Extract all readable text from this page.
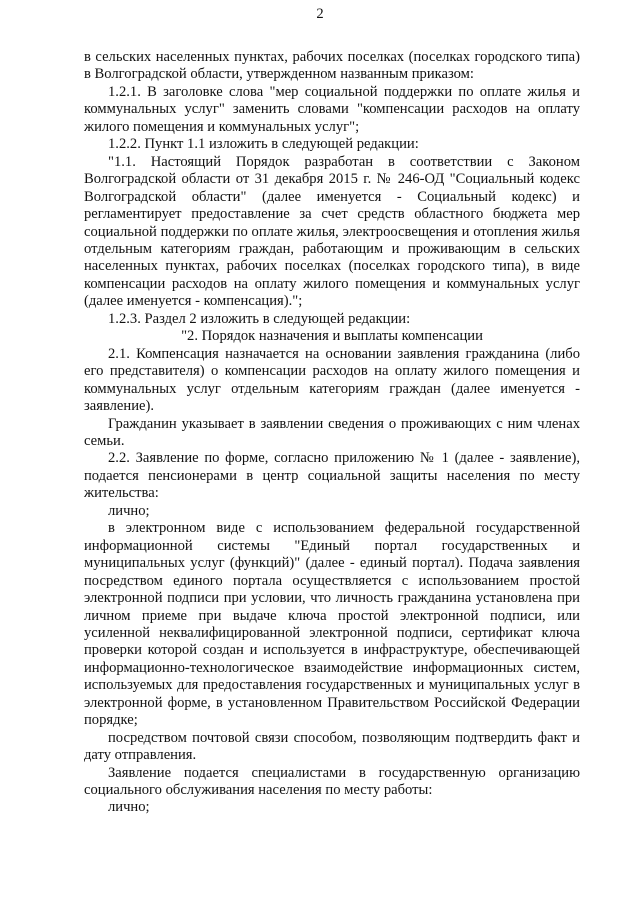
2

в сельских населенных пунктах, рабочих поселках (поселках городского типа) в Волгоградской области, утвержденном названным приказом:

1.2.1. В заголовке слова "мер социальной поддержки по оплате жилья и коммунальных услуг" заменить словами "компенсации расходов на оплату жилого помещения и коммунальных услуг";

1.2.2. Пункт 1.1 изложить в следующей редакции:

"1.1. Настоящий Порядок разработан в соответствии с Законом Волгоградской области от 31 декабря 2015 г. № 246-ОД "Социальный кодекс Волгоградской области" (далее именуется - Социальный кодекс) и регламентирует предоставление за счет средств областного бюджета мер социальной поддержки по оплате жилья, электроосвещения и отопления жилья отдельным категориям граждан, работающим и проживающим в сельских населенных пунктах, рабочих поселках (поселках городского типа), в виде компенсации расходов на оплату жилого помещения и коммунальных услуг (далее именуется - компенсация).";

1.2.3. Раздел 2 изложить в следующей редакции:

"2. Порядок назначения и выплаты компенсации

2.1. Компенсация назначается на основании заявления гражданина (либо его представителя) о компенсации расходов на оплату жилого помещения и коммунальных услуг отдельным категориям граждан (далее именуется - заявление).

Гражданин указывает в заявлении сведения о проживающих с ним членах семьи.

2.2. Заявление по форме, согласно приложению № 1 (далее - заявление), подается пенсионерами в центр социальной защиты населения по месту жительства:

лично;

в электронном виде с использованием федеральной государственной информационной системы "Единый портал государственных и муниципальных услуг (функций)" (далее - единый портал). Подача заявления посредством единого портала осуществляется с использованием простой электронной подписи при условии, что личность гражданина установлена при личном приеме при выдаче ключа простой электронной подписи, или усиленной неквалифицированной электронной подписи, сертификат ключа проверки которой создан и используется в инфраструктуре, обеспечивающей информационно-технологическое взаимодействие информационных систем, используемых для предоставления государственных и муниципальных услуг в электронной форме, в установленном Правительством Российской Федерации порядке;

посредством почтовой связи способом, позволяющим подтвердить факт и дату отправления.

Заявление подается специалистами в государственную организацию социального обслуживания населения по месту работы:

лично;
